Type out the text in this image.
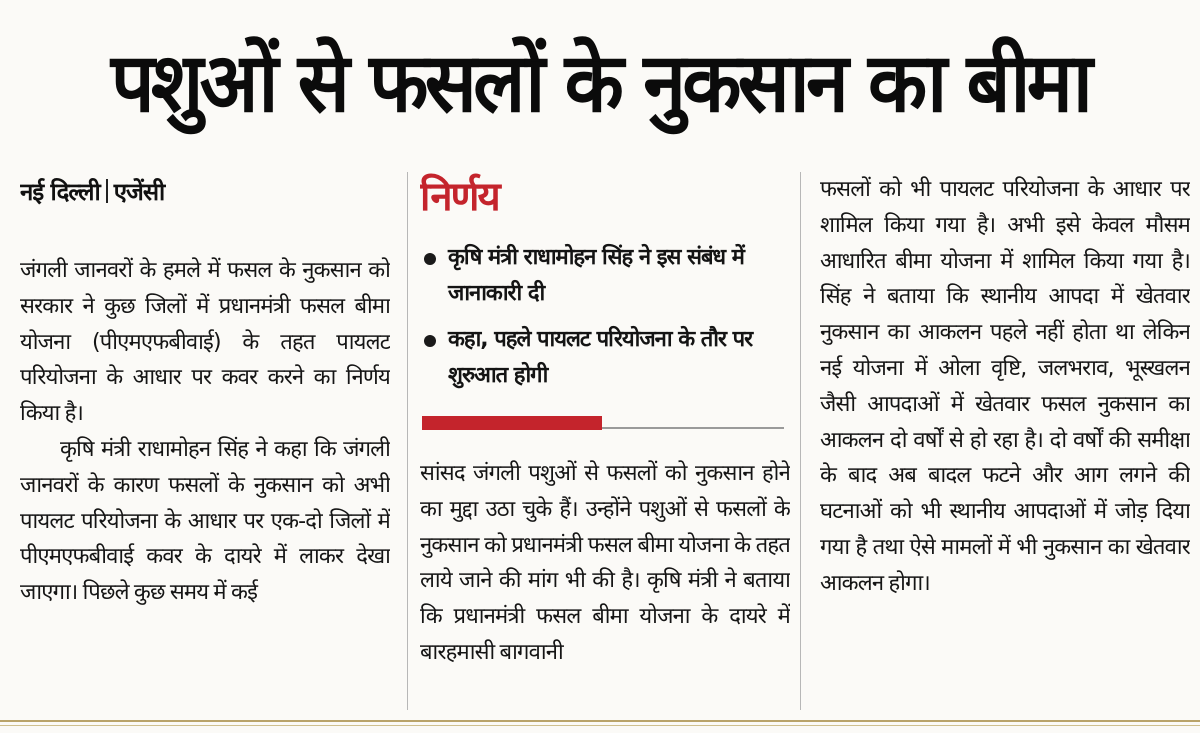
पशुओं से फसलों के नुकसान का बीमा
नई दिल्ली एजेंसी

जंगली जानवरों के हमले में फसल के नुकसान को सरकार ने कुछ जिलों में प्रधानमंत्री फसल बीमा योजना (पीएमएफबीवाई) के तहत पायलट परियोजना के आधार पर कवर करने का निर्णय किया है।

कृषि मंत्री राधामोहन सिंह ने कहा कि जंगली जानवरों के कारण फसलों के नुकसान को अभी पायलट परियोजना के आधार पर एक-दो जिलों में पीएमएफबीवाई कवर के दायरे में लाकर देखा जाएगा। पिछले कुछ समय में कई

निर्णय
कृषि मंत्री राधामोहन सिंह ने इस संबंध में जानाकारी दी
कहा, पहले पायलट परियोजना के तौर पर शुरुआत होगी

सांसद जंगली पशुओं से फसलों को नुकसान होने का मुद्दा उठा चुके हैं। उन्होंने पशुओं से फसलों के नुकसान को प्रधानमंत्री फसल बीमा योजना के तहत लाये जाने की मांग भी की है। कृषि मंत्री ने बताया कि प्रधानमंत्री फसल बीमा योजना के दायरे में बारहमासी बागवानी

फसलों को भी पायलट परियोजना के आधार पर शामिल किया गया है। अभी इसे केवल मौसम आधारित बीमा योजना में शामिल किया गया है। सिंह ने बताया कि स्थानीय आपदा में खेतवार नुकसान का आकलन पहले नहीं होता था लेकिन नई योजना में ओला वृष्टि, जलभराव, भूस्खलन जैसी आपदाओं में खेतवार फसल नुकसान का आकलन दो वर्षों से हो रहा है। दो वर्षों की समीक्षा के बाद अब बादल फटने और आग लगने की घटनाओं को भी स्थानीय आपदाओं में जोड़ दिया गया है तथा ऐसे मामलों में भी नुकसान का खेतवार आकलन होगा।
